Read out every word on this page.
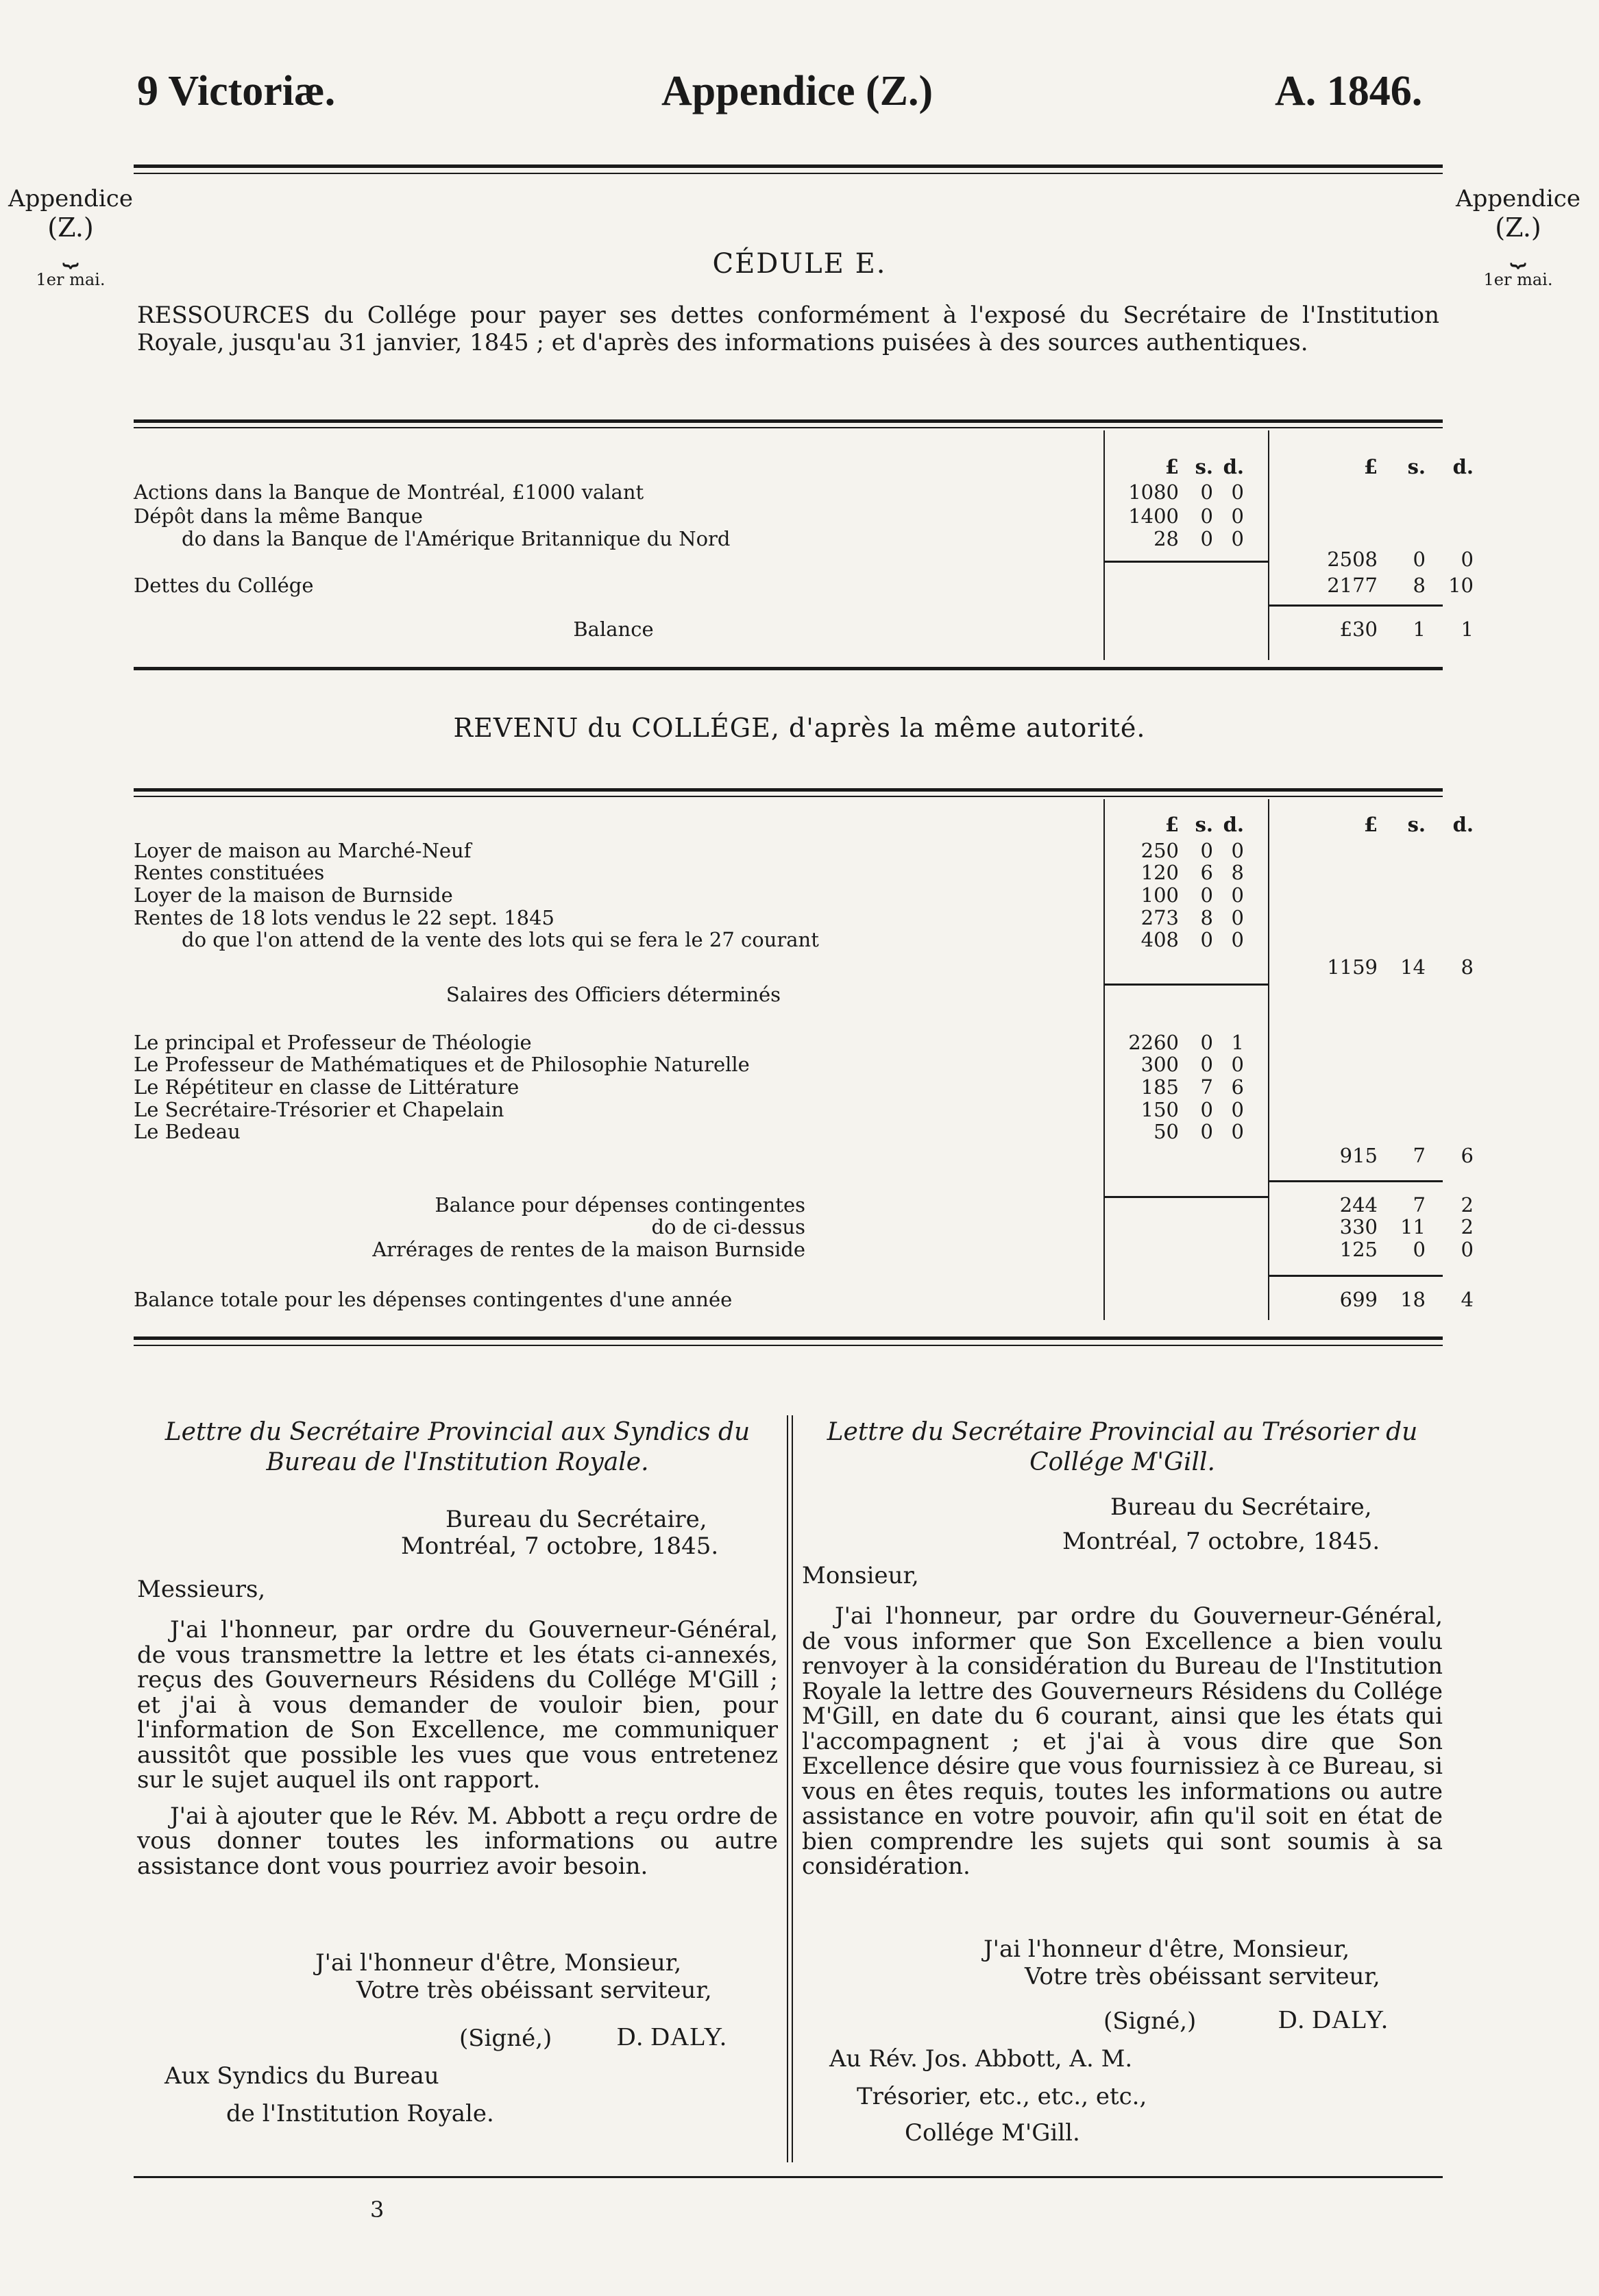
9 Victoriæ.	Appendice (Z.)	A. 1846.
Appendice
(Z.)
⏟
1er mai.
Appendice
(Z.)
⏟
1er mai.
CÉDULE E.
RESSOURCES du Collége pour payer ses dettes conformément à l'exposé du Secrétaire de l'Institution Royale, jusqu'au 31 janvier, 1845 ; et d'après des informations puisées à des sources authentiques.
£ s. d.	£	s.	d.
Actions dans la Banque de Montréal, £1000 valant	1080	0 0
Dépôt dans la même Banque	1400	0 0
do dans la Banque de l'Amérique Britannique du Nord	28	0 0
2508	0	0
Dettes du Collége	2177	8	10
Balance	£30	1	1
REVENU du COLLÉGE, d'après la même autorité.
£ s. d.	£	s.	d.
Loyer de maison au Marché-Neuf	250	0 0
Rentes constituées	120	6 8
Loyer de la maison de Burnside	100	0 0
Rentes de 18 lots vendus le 22 sept. 1845	273	8 0
do que l'on attend de la vente des lots qui se fera le 27 courant	408	0 0
1159	14	8
Salaires des Officiers déterminés
Le principal et Professeur de Théologie	2260	0 1
Le Professeur de Mathématiques et de Philosophie Naturelle	300	0 0
Le Répétiteur en classe de Littérature	185	7 6
Le Secrétaire-Trésorier et Chapelain	150	0 0
Le Bedeau	50	0 0
915	7	6
Balance pour dépenses contingentes	244	7	2
do de ci-dessus	330	11	2
Arrérages de rentes de la maison Burnside	125	0	0
Balance totale pour les dépenses contingentes d'une année	699	18	4
Lettre du Secrétaire Provincial aux Syndics du Bureau de l'Institution Royale.
Bureau du Secrétaire,
Montréal, 7 octobre, 1845.
Messieurs,

J'ai l'honneur, par ordre du Gouverneur-Général, de vous transmettre la lettre et les états ci-annexés, reçus des Gouverneurs Résidens du Collége M'Gill ; et j'ai à vous demander de vouloir bien, pour l'information de Son Excellence, me communiquer aussitôt que possible les vues que vous entretenez sur le sujet auquel ils ont rapport.

J'ai à ajouter que le Rév. M. Abbott a reçu ordre de vous donner toutes les informations ou autre assistance dont vous pourriez avoir besoin.

J'ai l'honneur d'être, Monsieur,
Votre très obéissant serviteur,
(Signé,) D. DALY.
Aux Syndics du Bureau
de l'Institution Royale.
Lettre du Secrétaire Provincial au Trésorier du Collége M'Gill.
Bureau du Secrétaire,
Montréal, 7 octobre, 1845.
Monsieur,

J'ai l'honneur, par ordre du Gouverneur-Général, de vous informer que Son Excellence a bien voulu renvoyer à la considération du Bureau de l'Institution Royale la lettre des Gouverneurs Résidens du Collége M'Gill, en date du 6 courant, ainsi que les états qui l'accompagnent ; et j'ai à vous dire que Son Excellence désire que vous fournissiez à ce Bureau, si vous en êtes requis, toutes les informations ou autre assistance en votre pouvoir, afin qu'il soit en état de bien comprendre les sujets qui sont soumis à sa considération.

J'ai l'honneur d'être, Monsieur,
Votre très obéissant serviteur,
(Signé,)	D. DALY.
Au Rév. Jos. Abbott, A. M.
Trésorier, etc., etc., etc.,
Collége M'Gill.
3
